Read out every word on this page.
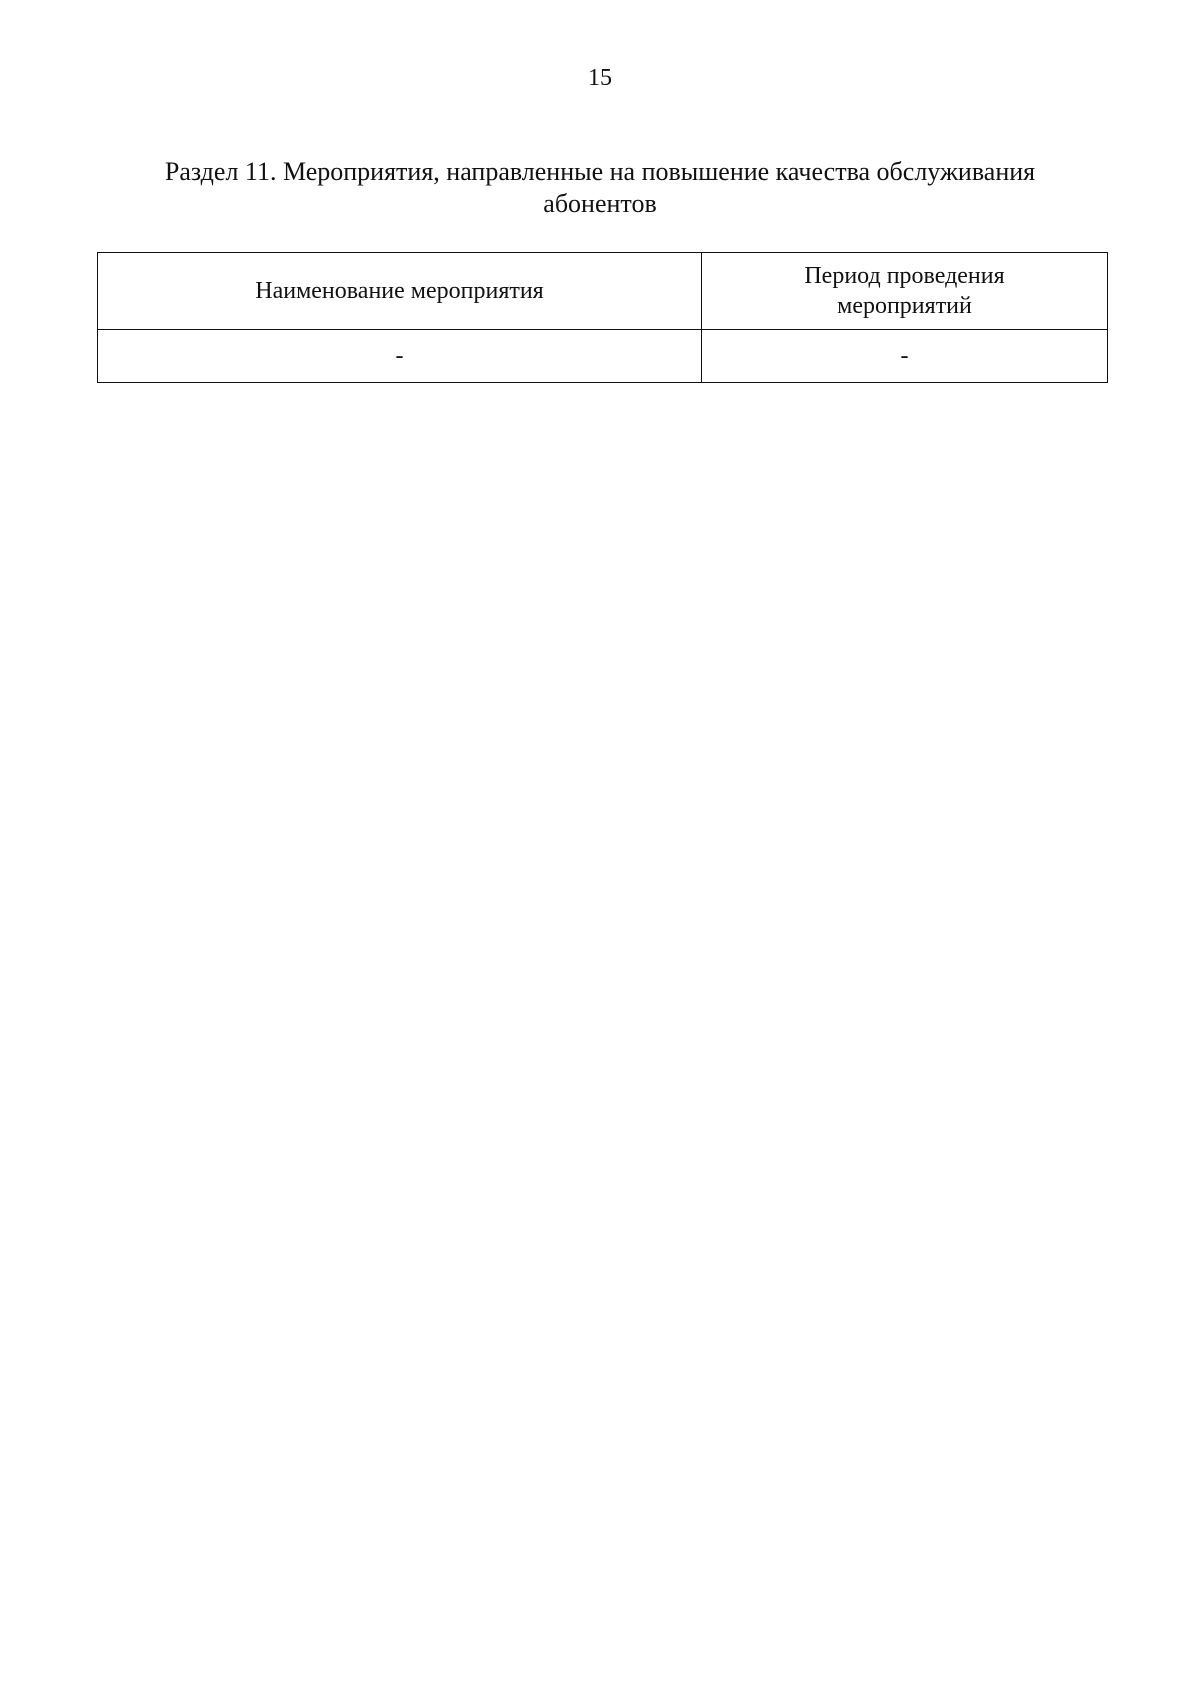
15
Раздел 11. Мероприятия, направленные на повышение качества обслуживания
абонентов
Наименование мероприятия	Период проведения мероприятий

-	-
